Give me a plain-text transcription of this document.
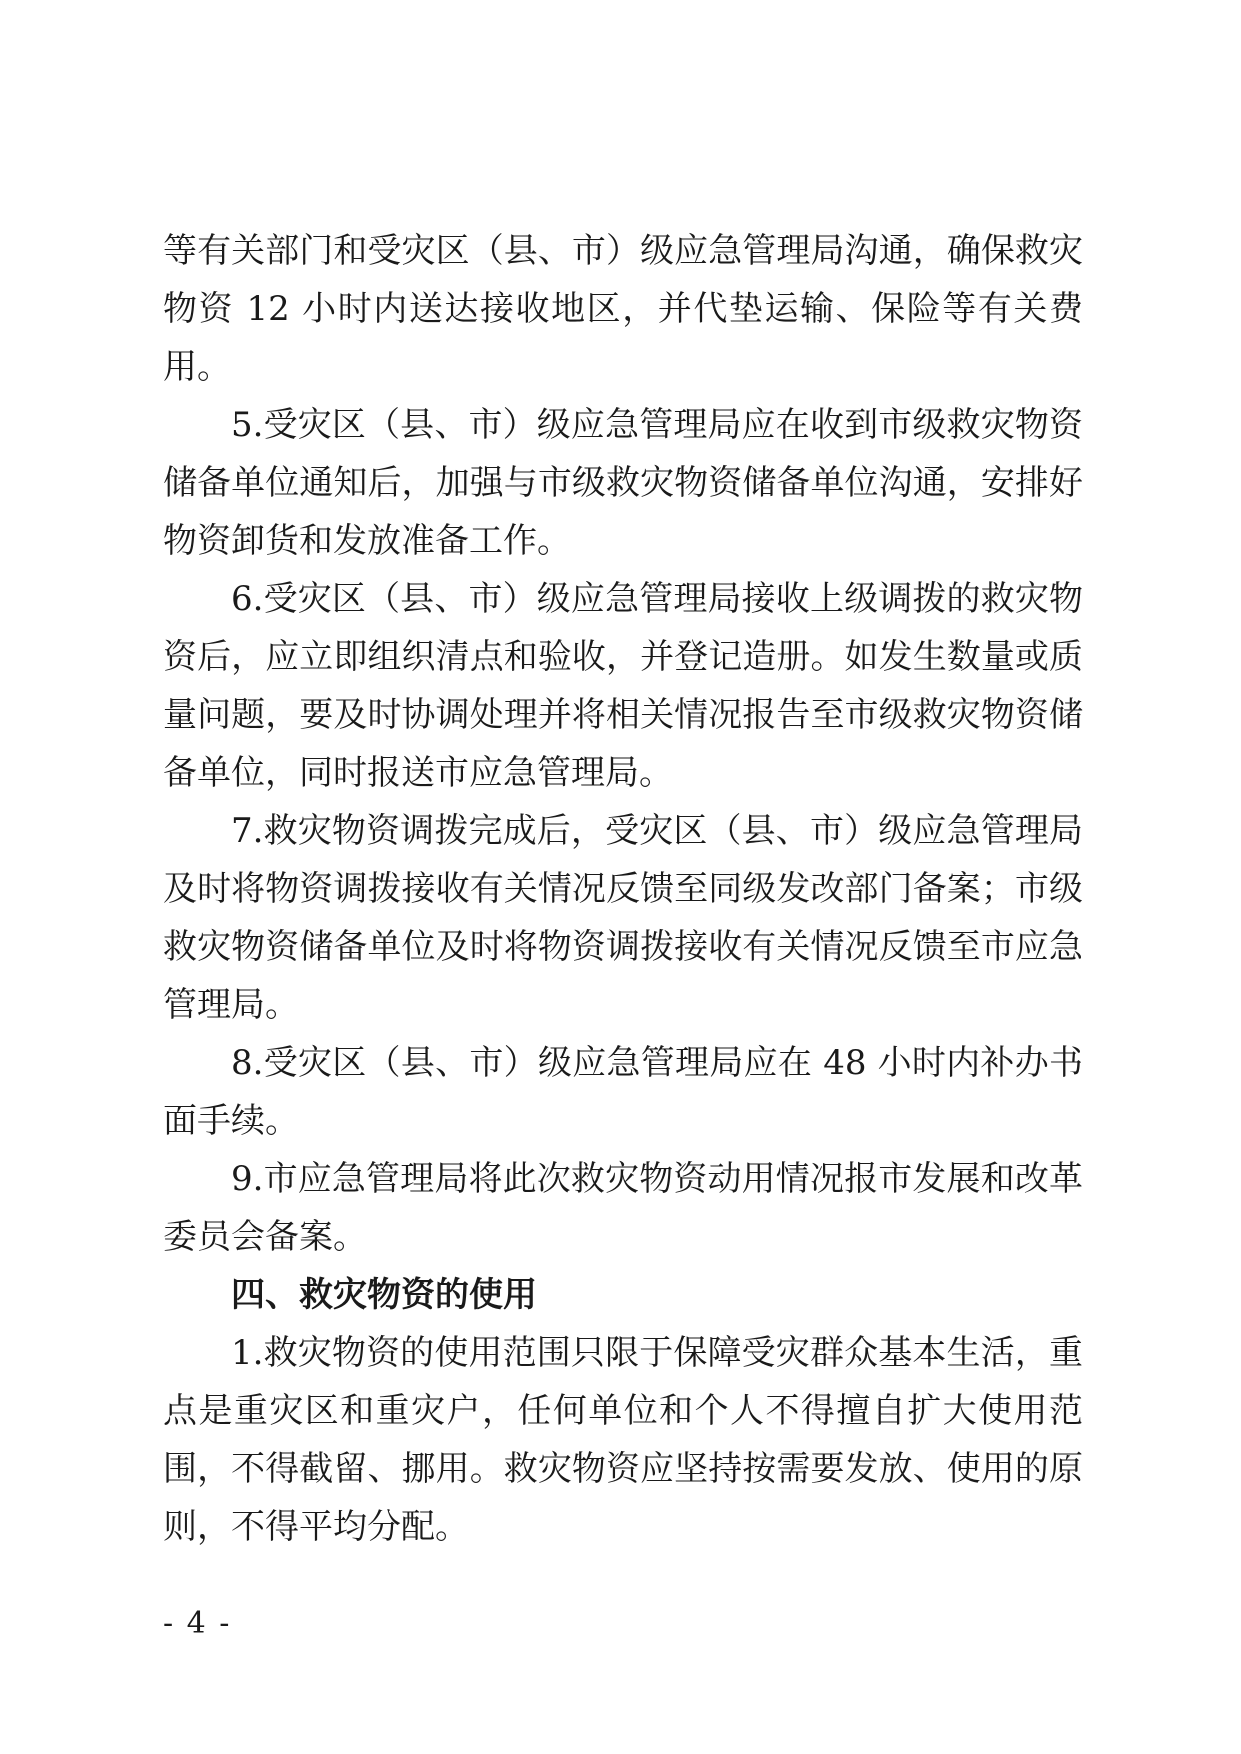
等有关部门和受灾区（县、市）级应急管理局沟通，确保救灾物资 12 小时内送达接收地区，并代垫运输、保险等有关费用。

5.受灾区（县、市）级应急管理局应在收到市级救灾物资储备单位通知后，加强与市级救灾物资储备单位沟通，安排好物资卸货和发放准备工作。

6.受灾区（县、市）级应急管理局接收上级调拨的救灾物资后，应立即组织清点和验收，并登记造册。如发生数量或质量问题，要及时协调处理并将相关情况报告至市级救灾物资储备单位，同时报送市应急管理局。

7.救灾物资调拨完成后，受灾区（县、市）级应急管理局及时将物资调拨接收有关情况反馈至同级发改部门备案；市级救灾物资储备单位及时将物资调拨接收有关情况反馈至市应急管理局。

8.受灾区（县、市）级应急管理局应在 48 小时内补办书面手续。

9.市应急管理局将此次救灾物资动用情况报市发展和改革委员会备案。

四、救灾物资的使用

1.救灾物资的使用范围只限于保障受灾群众基本生活，重点是重灾区和重灾户，任何单位和个人不得擅自扩大使用范围，不得截留、挪用。救灾物资应坚持按需要发放、使用的原则，不得平均分配。

- 4 -
